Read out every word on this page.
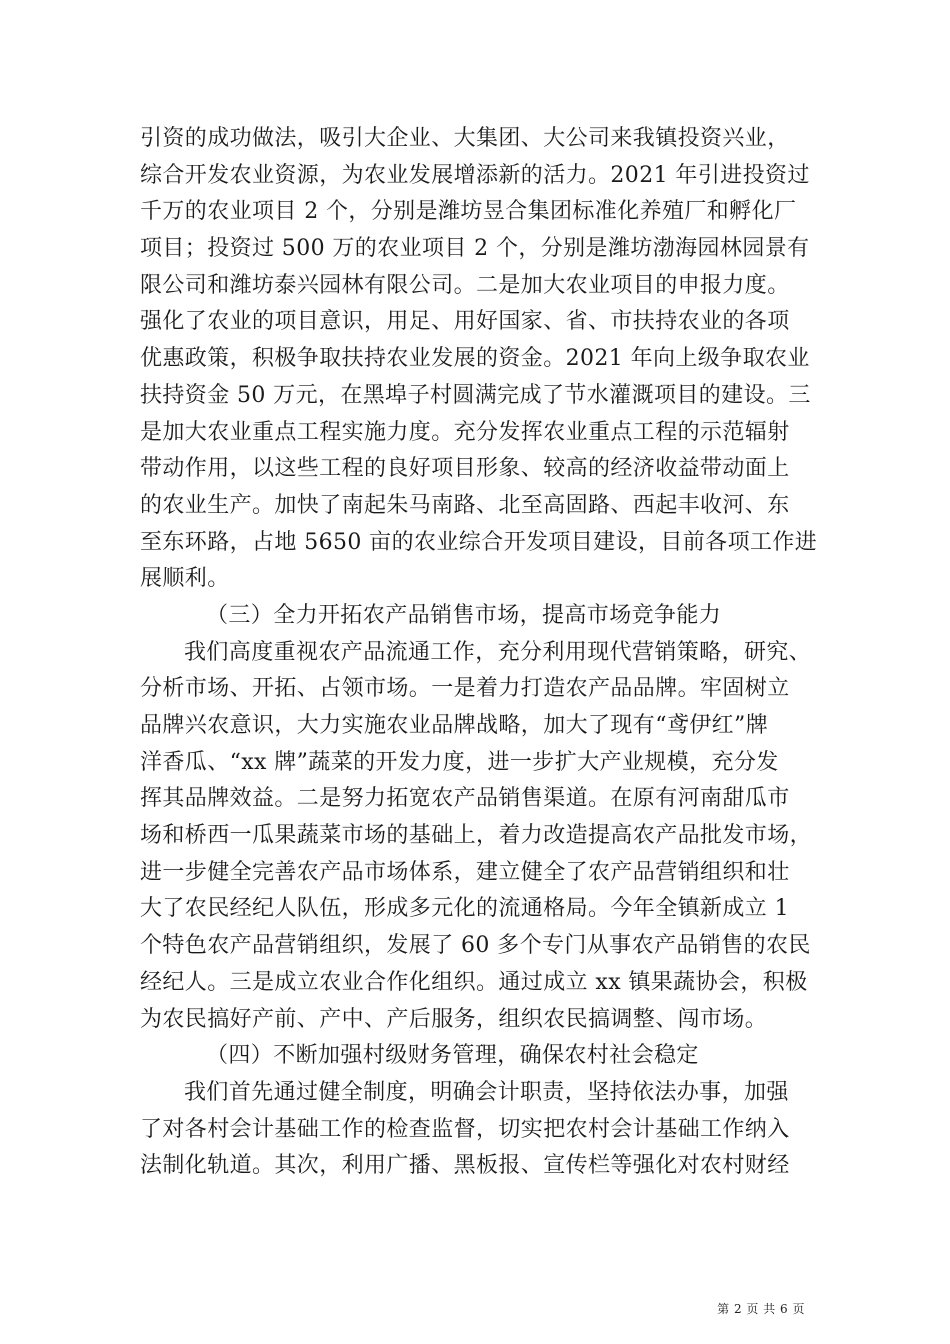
引资的成功做法，吸引大企业、大集团、大公司来我镇投资兴业，
综合开发农业资源，为农业发展增添新的活力。2021 年引进投资过
千万的农业项目 2 个，分别是潍坊昱合集团标准化养殖厂和孵化厂
项目；投资过 500 万的农业项目 2 个，分别是潍坊渤海园林园景有
限公司和潍坊泰兴园林有限公司。二是加大农业项目的申报力度。
强化了农业的项目意识，用足、用好国家、省、市扶持农业的各项
优惠政策，积极争取扶持农业发展的资金。2021 年向上级争取农业
扶持资金 50 万元，在黑埠子村圆满完成了节水灌溉项目的建设。三
是加大农业重点工程实施力度。充分发挥农业重点工程的示范辐射
带动作用，以这些工程的良好项目形象、较高的经济收益带动面上
的农业生产。加快了南起朱马南路、北至高固路、西起丰收河、东
至东环路，占地 5650 亩的农业综合开发项目建设，目前各项工作进
展顺利。
（三）全力开拓农产品销售市场，提高市场竞争能力
我们高度重视农产品流通工作，充分利用现代营销策略，研究、
分析市场、开拓、占领市场。一是着力打造农产品品牌。牢固树立
品牌兴农意识，大力实施农业品牌战略，加大了现有“鸢伊红”牌
洋香瓜、“xx 牌”蔬菜的开发力度，进一步扩大产业规模，充分发
挥其品牌效益。二是努力拓宽农产品销售渠道。在原有河南甜瓜市
场和桥西一瓜果蔬菜市场的基础上，着力改造提高农产品批发市场，
进一步健全完善农产品市场体系，建立健全了农产品营销组织和壮
大了农民经纪人队伍，形成多元化的流通格局。今年全镇新成立 1
个特色农产品营销组织，发展了 60 多个专门从事农产品销售的农民
经纪人。三是成立农业合作化组织。通过成立 xx 镇果蔬协会，积极
为农民搞好产前、产中、产后服务，组织农民搞调整、闯市场。
（四）不断加强村级财务管理，确保农村社会稳定
我们首先通过健全制度，明确会计职责，坚持依法办事，加强
了对各村会计基础工作的检查监督，切实把农村会计基础工作纳入
法制化轨道。其次，利用广播、黑板报、宣传栏等强化对农村财经
第 2 页 共 6 页
